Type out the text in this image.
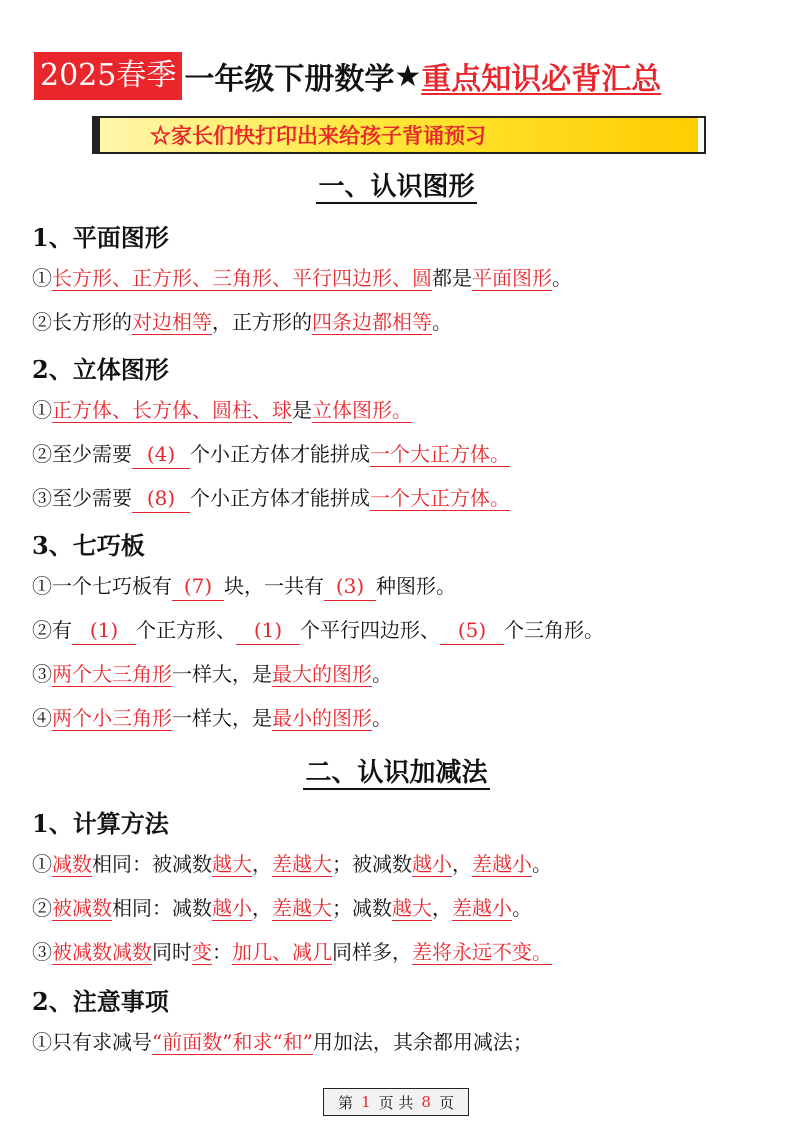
2025春季 一年级下册数学 ★ 重点知识必背汇总
☆家长们快打印出来给孩子背诵预习
一、认识图形
1、平面图形
①长方形、正方形、三角形、平行四边形、圆都是平面图形。
②长方形的对边相等，正方形的四条边都相等。
2、立体图形
①正方体、长方体、圆柱、球是立体图形。
②至少需要 (4) 个小正方体才能拼成一个大正方体。
③至少需要 (8) 个小正方体才能拼成一个大正方体。
3、七巧板
①一个七巧板有 (7) 块，一共有 (3) 种图形。
②有 (1) 个正方形、 (1) 个平行四边形、 (5) 个三角形。
③两个大三角形一样大，是最大的图形。
④两个小三角形一样大，是最小的图形。
二、认识加减法
1、计算方法
①减数相同：被减数越大，差越大；被减数越小，差越小。
②被减数相同：减数越小，差越大；减数越大，差越小。
③被减数减数同时变：加几、减几同样多，差将永远不变。
2、注意事项
①只有求减号“前面数”和求“和”用加法，其余都用减法；
第 1 页 共 8 页
